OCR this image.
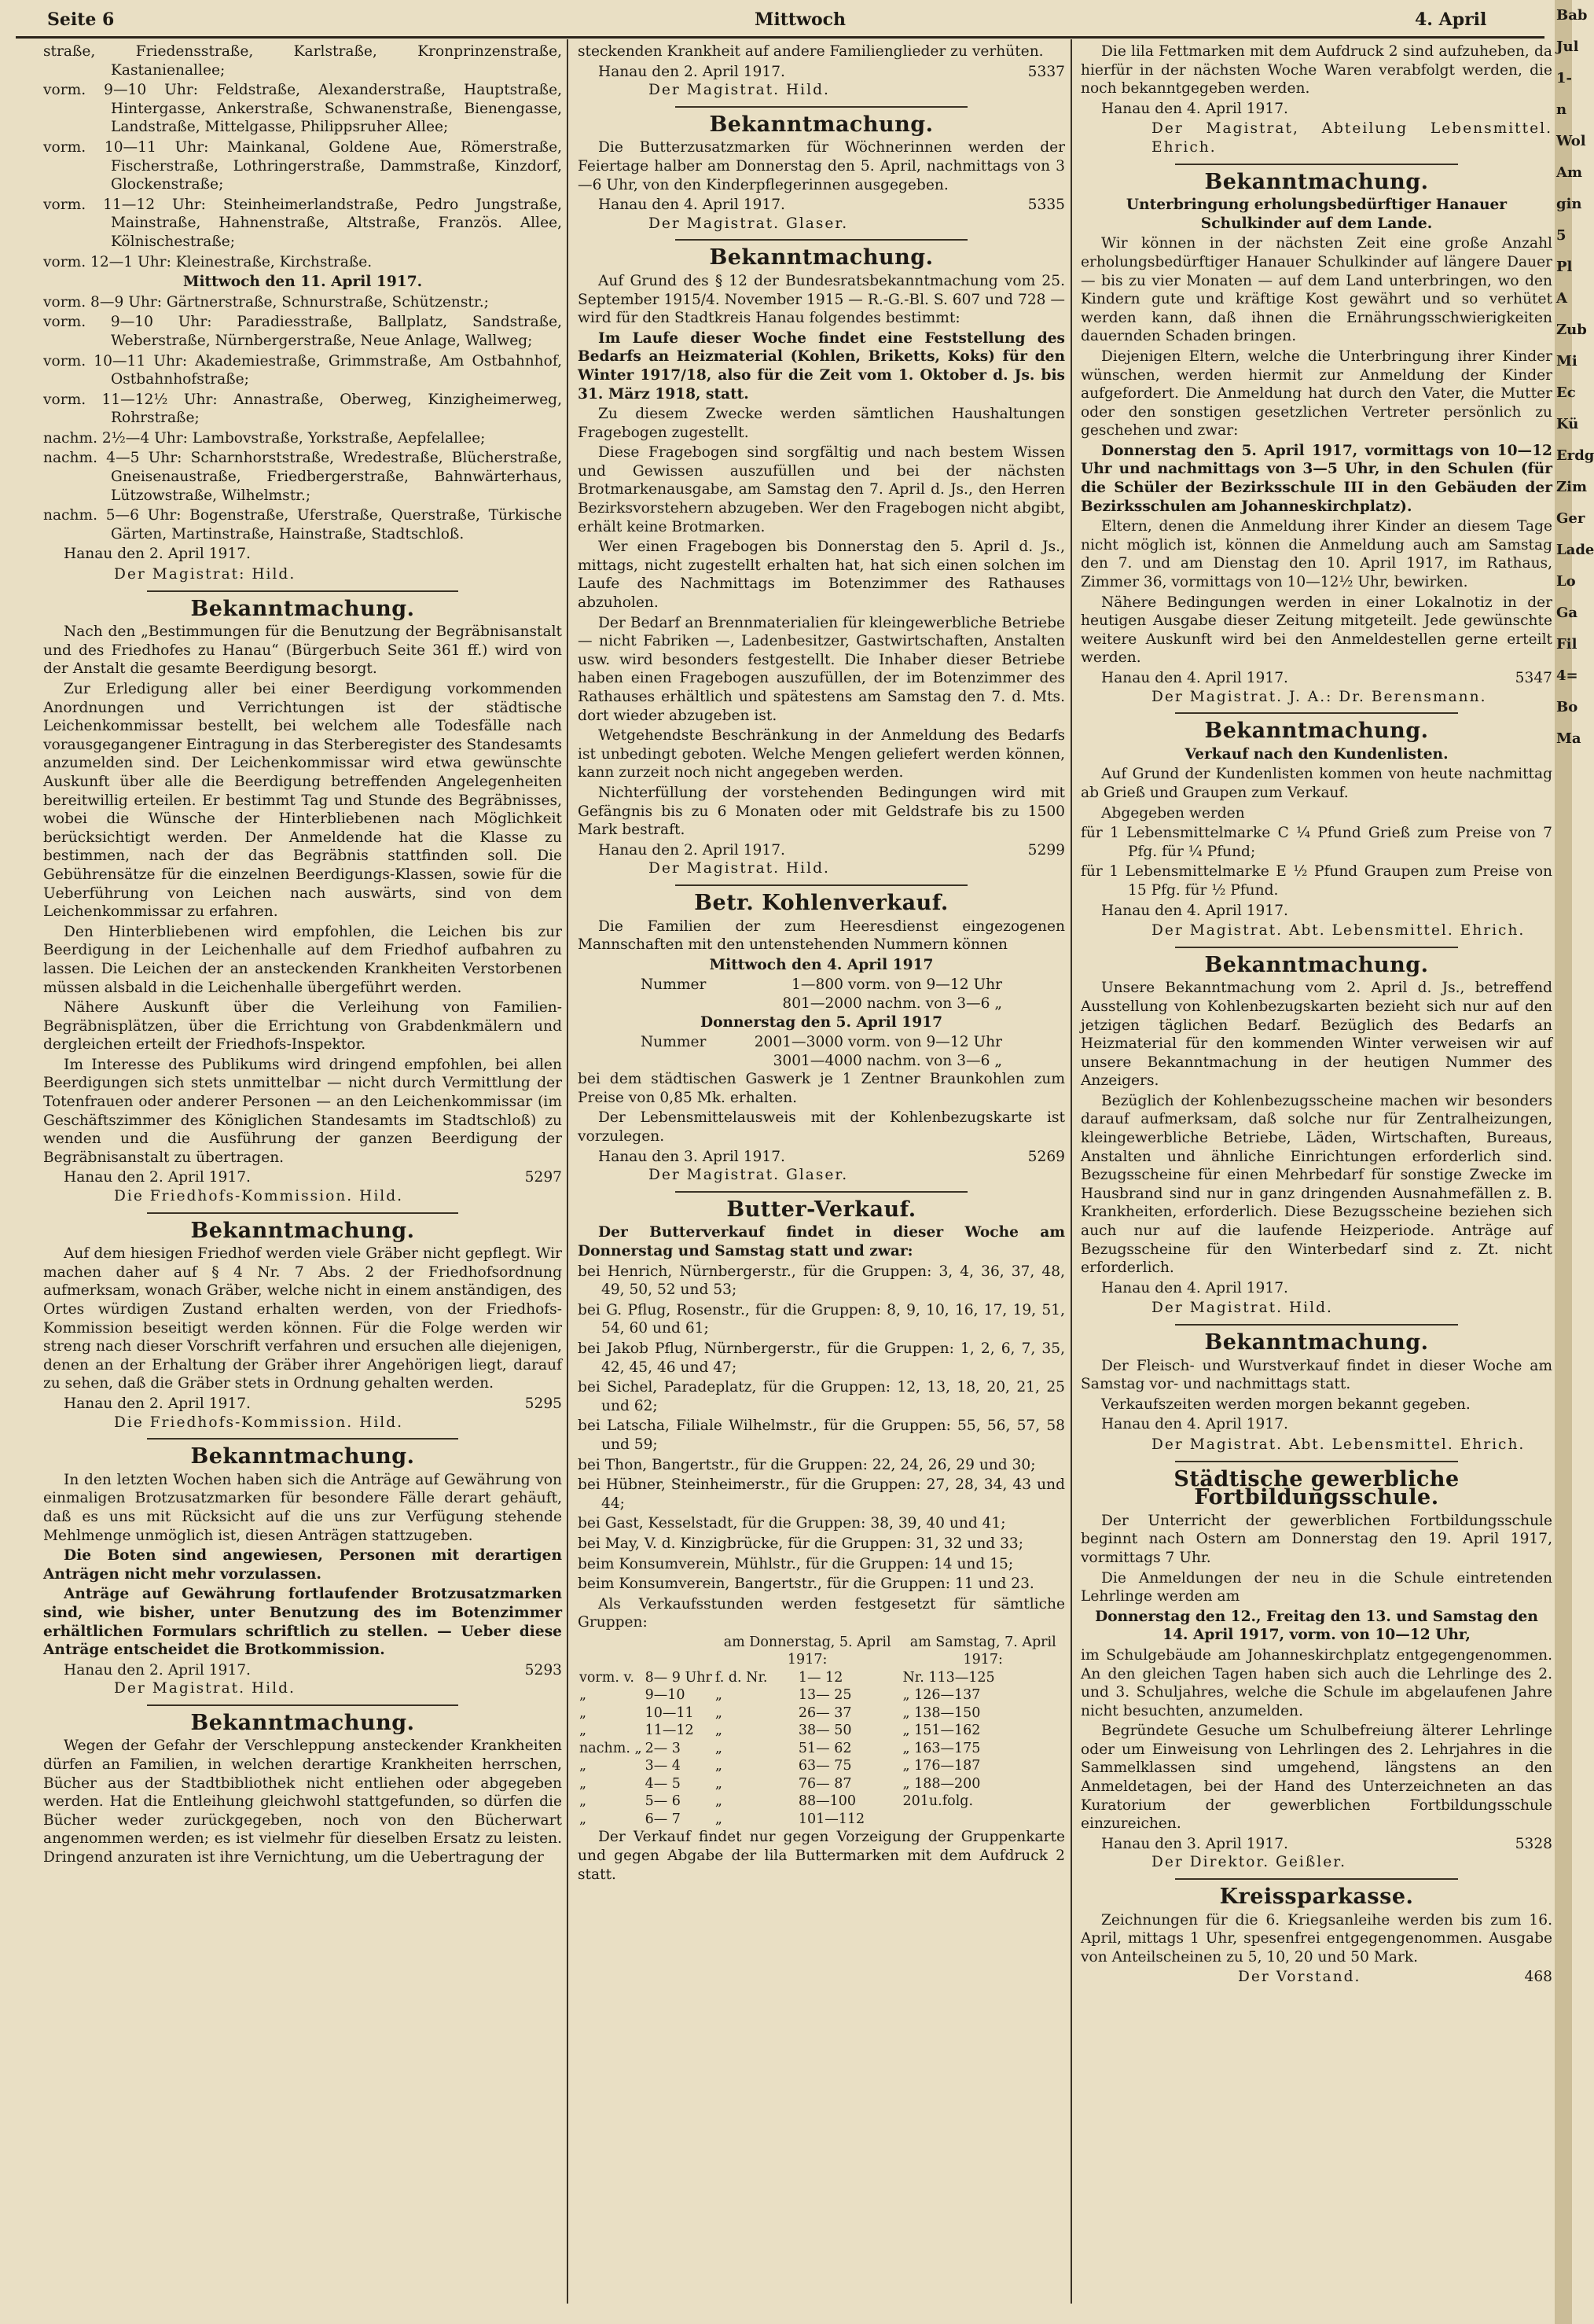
Seite 6	Mittwoch	4. April

straße, Friedensstraße, Karlstraße, Kronprinzenstraße, Kastanienallee;

vorm. 9—10 Uhr: Feldstraße, Alexanderstraße, Hauptstraße, Hintergasse, Ankerstraße, Schwanenstraße, Bienengasse, Landstraße, Mittelgasse, Philippsruher Allee;

vorm. 10—11 Uhr: Mainkanal, Goldene Aue, Römerstraße, Fischerstraße, Lothringerstraße, Dammstraße, Kinzdorf, Glockenstraße;

vorm. 11—12 Uhr: Steinheimerlandstraße, Pedro Jungstraße, Mainstraße, Hahnenstraße, Altstraße, Französ. Allee, Kölnischestraße;

vorm. 12—1 Uhr: Kleinestraße, Kirchstraße.

Mittwoch den 11. April 1917.

vorm. 8—9 Uhr: Gärtnerstraße, Schnurstraße, Schützenstr.;

vorm. 9—10 Uhr: Paradiesstraße, Ballplatz, Sandstraße, Weberstraße, Nürnbergerstraße, Neue Anlage, Wallweg;

vorm. 10—11 Uhr: Akademiestraße, Grimmstraße, Am Ostbahnhof, Ostbahnhofstraße;

vorm. 11—12½ Uhr: Annastraße, Oberweg, Kinzigheimerweg, Rohrstraße;

nachm. 2½—4 Uhr: Lambovstraße, Yorkstraße, Aepfelallee;

nachm. 4—5 Uhr: Scharnhorststraße, Wredestraße, Blücherstraße, Gneisenaustraße, Friedbergerstraße, Bahnwärterhaus, Lützowstraße, Wilhelmstr.;

nachm. 5—6 Uhr: Bogenstraße, Uferstraße, Querstraße, Türkische Gärten, Martinstraße, Hainstraße, Stadtschloß.

Hanau den 2. April 1917.

Der Magistrat: Hild.

Bekanntmachung.

Nach den „Bestimmungen für die Benutzung der Begräbnisanstalt und des Friedhofes zu Hanau“ (Bürgerbuch Seite 361 ff.) wird von der Anstalt die gesamte Beerdigung besorgt.

Zur Erledigung aller bei einer Beerdigung vorkommenden Anordnungen und Verrichtungen ist der städtische Leichenkommissar bestellt, bei welchem alle Todesfälle nach vorausgegangener Eintragung in das Sterberegister des Standesamts anzumelden sind. Der Leichenkommissar wird etwa gewünschte Auskunft über alle die Beerdigung betreffenden Angelegenheiten bereitwillig erteilen. Er bestimmt Tag und Stunde des Begräbnisses, wobei die Wünsche der Hinterbliebenen nach Möglichkeit berücksichtigt werden. Der Anmeldende hat die Klasse zu bestimmen, nach der das Begräbnis stattfinden soll. Die Gebührensätze für die einzelnen Beerdigungs-Klassen, sowie für die Ueberführung von Leichen nach auswärts, sind von dem Leichenkommissar zu erfahren.

Den Hinterbliebenen wird empfohlen, die Leichen bis zur Beerdigung in der Leichenhalle auf dem Friedhof aufbahren zu lassen. Die Leichen der an ansteckenden Krankheiten Verstorbenen müssen alsbald in die Leichenhalle übergeführt werden.

Nähere Auskunft über die Verleihung von Familien-Begräbnisplätzen, über die Errichtung von Grabdenkmälern und dergleichen erteilt der Friedhofs-Inspektor.

Im Interesse des Publikums wird dringend empfohlen, bei allen Beerdigungen sich stets unmittelbar — nicht durch Vermittlung der Totenfrauen oder anderer Personen — an den Leichenkommissar (im Geschäftszimmer des Königlichen Standesamts im Stadtschloß) zu wenden und die Ausführung der ganzen Beerdigung der Begräbnisanstalt zu übertragen.

Hanau den 2. April 1917.	5297

Die Friedhofs-Kommission. Hild.

Bekanntmachung.

Auf dem hiesigen Friedhof werden viele Gräber nicht gepflegt. Wir machen daher auf § 4 Nr. 7 Abs. 2 der Friedhofsordnung aufmerksam, wonach Gräber, welche nicht in einem anständigen, des Ortes würdigen Zustand erhalten werden, von der Friedhofs-Kommission beseitigt werden können. Für die Folge werden wir streng nach dieser Vorschrift verfahren und ersuchen alle diejenigen, denen an der Erhaltung der Gräber ihrer Angehörigen liegt, darauf zu sehen, daß die Gräber stets in Ordnung gehalten werden.

Hanau den 2. April 1917.	5295

Die Friedhofs-Kommission. Hild.

Bekanntmachung.

In den letzten Wochen haben sich die Anträge auf Gewährung von einmaligen Brotzusatzmarken für besondere Fälle derart gehäuft, daß es uns mit Rücksicht auf die uns zur Verfügung stehende Mehlmenge unmöglich ist, diesen Anträgen stattzugeben.

Die Boten sind angewiesen, Personen mit derartigen Anträgen nicht mehr vorzulassen.

Anträge auf Gewährung fortlaufender Brotzusatzmarken sind, wie bisher, unter Benutzung des im Botenzimmer erhältlichen Formulars schriftlich zu stellen. — Ueber diese Anträge entscheidet die Brotkommission.

Hanau den 2. April 1917.	5293

Der Magistrat. Hild.

Bekanntmachung.

Wegen der Gefahr der Verschleppung ansteckender Krankheiten dürfen an Familien, in welchen derartige Krankheiten herrschen, Bücher aus der Stadtbibliothek nicht entliehen oder abgegeben werden. Hat die Entleihung gleichwohl stattgefunden, so dürfen die Bücher weder zurückgegeben, noch von den Bücherwart angenommen werden; es ist vielmehr für dieselben Ersatz zu leisten. Dringend anzuraten ist ihre Vernichtung, um die Uebertragung der

steckenden Krankheit auf andere Familienglieder zu verhüten.

Hanau den 2. April 1917.	5337

Der Magistrat. Hild.

Bekanntmachung.

Die Butterzusatzmarken für Wöchnerinnen werden der Feiertage halber am Donnerstag den 5. April, nachmittags von 3—6 Uhr, von den Kinderpflegerinnen ausgegeben.

Hanau den 4. April 1917.	5335

Der Magistrat. Glaser.

Bekanntmachung.

Auf Grund des § 12 der Bundesratsbekanntmachung vom 25. September 1915/4. November 1915 — R.-G.-Bl. S. 607 und 728 — wird für den Stadtkreis Hanau folgendes bestimmt:

Im Laufe dieser Woche findet eine Feststellung des Bedarfs an Heizmaterial (Kohlen, Briketts, Koks) für den Winter 1917/18, also für die Zeit vom 1. Oktober d. Js. bis 31. März 1918, statt.

Zu diesem Zwecke werden sämtlichen Haushaltungen Fragebogen zugestellt.

Diese Fragebogen sind sorgfältig und nach bestem Wissen und Gewissen auszufüllen und bei der nächsten Brotmarkenausgabe, am Samstag den 7. April d. Js., den Herren Bezirksvorstehern abzugeben. Wer den Fragebogen nicht abgibt, erhält keine Brotmarken.

Wer einen Fragebogen bis Donnerstag den 5. April d. Js., mittags, nicht zugestellt erhalten hat, hat sich einen solchen im Laufe des Nachmittags im Botenzimmer des Rathauses abzuholen.

Der Bedarf an Brennmaterialien für kleingewerbliche Betriebe — nicht Fabriken —, Ladenbesitzer, Gastwirtschaften, Anstalten usw. wird besonders festgestellt. Die Inhaber dieser Betriebe haben einen Fragebogen auszufüllen, der im Botenzimmer des Rathauses erhältlich und spätestens am Samstag den 7. d. Mts. dort wieder abzugeben ist.

Wetgehendste Beschränkung in der Anmeldung des Bedarfs ist unbedingt geboten. Welche Mengen geliefert werden können, kann zurzeit noch nicht angegeben werden.

Nichterfüllung der vorstehenden Bedingungen wird mit Gefängnis bis zu 6 Monaten oder mit Geldstrafe bis zu 1500 Mark bestraft.

Hanau den 2. April 1917.	5299

Der Magistrat. Hild.

Betr. Kohlenverkauf.

Die Familien der zum Heeresdienst eingezogenen Mannschaften mit den untenstehenden Nummern können

Mittwoch den 4. April 1917

Nummer	1—800 vorm. von 9—12 Uhr
801—2000 nachm. von 3—6 „

Donnerstag den 5. April 1917

Nummer	2001—3000 vorm. von 9—12 Uhr
3001—4000 nachm. von 3—6 „

bei dem städtischen Gaswerk je 1 Zentner Braunkohlen zum Preise von 0,85 Mk. erhalten.

Der Lebensmittelausweis mit der Kohlenbezugskarte ist vorzulegen.

Hanau den 3. April 1917.	5269

Der Magistrat. Glaser.

Butter-Verkauf.

Der Butterverkauf findet in dieser Woche am Donnerstag und Samstag statt und zwar:

bei Henrich, Nürnbergerstr., für die Gruppen: 3, 4, 36, 37, 48, 49, 50, 52 und 53;

bei G. Pflug, Rosenstr., für die Gruppen: 8, 9, 10, 16, 17, 19, 51, 54, 60 und 61;

bei Jakob Pflug, Nürnbergerstr., für die Gruppen: 1, 2, 6, 7, 35, 42, 45, 46 und 47;

bei Sichel, Paradeplatz, für die Gruppen: 12, 13, 18, 20, 21, 25 und 62;

bei Latscha, Filiale Wilhelmstr., für die Gruppen: 55, 56, 57, 58 und 59;

bei Thon, Bangertstr., für die Gruppen: 22, 24, 26, 29 und 30;

bei Hübner, Steinheimerstr., für die Gruppen: 27, 28, 34, 43 und 44;

bei Gast, Kesselstadt, für die Gruppen: 38, 39, 40 und 41;

bei May, V. d. Kinzigbrücke, für die Gruppen: 31, 32 und 33;

beim Konsumverein, Mühlstr., für die Gruppen: 14 und 15;

beim Konsumverein, Bangertstr., für die Gruppen: 11 und 23.

Als Verkaufsstunden werden festgesetzt für sämtliche Gruppen:

		am Donnerstag, 5. April 1917:		am Samstag, 7. April 1917:
vorm. v.	8— 9 Uhr	f. d. Nr.	1— 12	Nr. 113—125
„	9—10	„	13— 25	„ 126—137
„	10—11	„	26— 37	„ 138—150
„	11—12	„	38— 50	„ 151—162
nachm. „	2— 3	„	51— 62	„ 163—175
„	3— 4	„	63— 75	„ 176—187
„	4— 5	„	76— 87	„ 188—200
„	5— 6	„	88—100	201u.folg.
„	6— 7	„	101—112	

Der Verkauf findet nur gegen Vorzeigung der Gruppenkarte und gegen Abgabe der lila Buttermarken mit dem Aufdruck 2 statt.

Die lila Fettmarken mit dem Aufdruck 2 sind aufzuheben, da hierfür in der nächsten Woche Waren verabfolgt werden, die noch bekanntgegeben werden.

Hanau den 4. April 1917.

Der Magistrat, Abteilung Lebensmittel. Ehrich.

Bekanntmachung.

Unterbringung erholungsbedürftiger Hanauer Schulkinder auf dem Lande.

Wir können in der nächsten Zeit eine große Anzahl erholungsbedürftiger Hanauer Schulkinder auf längere Dauer — bis zu vier Monaten — auf dem Land unterbringen, wo den Kindern gute und kräftige Kost gewährt und so verhütet werden kann, daß ihnen die Ernährungsschwierigkeiten dauernden Schaden bringen.

Diejenigen Eltern, welche die Unterbringung ihrer Kinder wünschen, werden hiermit zur Anmeldung der Kinder aufgefordert. Die Anmeldung hat durch den Vater, die Mutter oder den sonstigen gesetzlichen Vertreter persönlich zu geschehen und zwar:

Donnerstag den 5. April 1917, vormittags von 10—12 Uhr und nachmittags von 3—5 Uhr, in den Schulen (für die Schüler der Bezirksschule III in den Gebäuden der Bezirksschulen am Johanneskirchplatz).

Eltern, denen die Anmeldung ihrer Kinder an diesem Tage nicht möglich ist, können die Anmeldung auch am Samstag den 7. und am Dienstag den 10. April 1917, im Rathaus, Zimmer 36, vormittags von 10—12½ Uhr, bewirken.

Nähere Bedingungen werden in einer Lokalnotiz in der heutigen Ausgabe dieser Zeitung mitgeteilt. Jede gewünschte weitere Auskunft wird bei den Anmeldestellen gerne erteilt werden.

Hanau den 4. April 1917.	5347

Der Magistrat. J. A.: Dr. Berensmann.

Bekanntmachung.

Verkauf nach den Kundenlisten.

Auf Grund der Kundenlisten kommen von heute nachmittag ab Grieß und Graupen zum Verkauf.

Abgegeben werden

für 1 Lebensmittelmarke C ¼ Pfund Grieß zum Preise von 7 Pfg. für ¼ Pfund;

für 1 Lebensmittelmarke E ½ Pfund Graupen zum Preise von 15 Pfg. für ½ Pfund.

Hanau den 4. April 1917.

Der Magistrat. Abt. Lebensmittel. Ehrich.

Bekanntmachung.

Unsere Bekanntmachung vom 2. April d. Js., betreffend Ausstellung von Kohlenbezugskarten bezieht sich nur auf den jetzigen täglichen Bedarf. Bezüglich des Bedarfs an Heizmaterial für den kommenden Winter verweisen wir auf unsere Bekanntmachung in der heutigen Nummer des Anzeigers.

Bezüglich der Kohlenbezugsscheine machen wir besonders darauf aufmerksam, daß solche nur für Zentralheizungen, kleingewerbliche Betriebe, Läden, Wirtschaften, Bureaus, Anstalten und ähnliche Einrichtungen erforderlich sind. Bezugsscheine für einen Mehrbedarf für sonstige Zwecke im Hausbrand sind nur in ganz dringenden Ausnahmefällen z. B. Krankheiten, erforderlich. Diese Bezugsscheine beziehen sich auch nur auf die laufende Heizperiode. Anträge auf Bezugsscheine für den Winterbedarf sind z. Zt. nicht erforderlich.

Hanau den 4. April 1917.

Der Magistrat. Hild.

Bekanntmachung.

Der Fleisch- und Wurstverkauf findet in dieser Woche am Samstag vor- und nachmittags statt.

Verkaufszeiten werden morgen bekannt gegeben.

Hanau den 4. April 1917.

Der Magistrat. Abt. Lebensmittel. Ehrich.

Städtische gewerbliche Fortbildungsschule.

Der Unterricht der gewerblichen Fortbildungsschule beginnt nach Ostern am Donnerstag den 19. April 1917, vormittags 7 Uhr.

Die Anmeldungen der neu in die Schule eintretenden Lehrlinge werden am

Donnerstag den 12., Freitag den 13. und Samstag den 14. April 1917, vorm. von 10—12 Uhr,

im Schulgebäude am Johanneskirchplatz entgegengenommen. An den gleichen Tagen haben sich auch die Lehrlinge des 2. und 3. Schuljahres, welche die Schule im abgelaufenen Jahre nicht besuchten, anzumelden.

Begründete Gesuche um Schulbefreiung älterer Lehrlinge oder um Einweisung von Lehrlingen des 2. Lehrjahres in die Sammelklassen sind umgehend, längstens an den Anmeldetagen, bei der Hand des Unterzeichneten an das Kuratorium der gewerblichen Fortbildungsschule einzureichen.

Hanau den 3. April 1917.	5328

Der Direktor. Geißler.

Kreissparkasse.

Zeichnungen für die 6. Kriegsanleihe werden bis zum 16. April, mittags 1 Uhr, spesenfrei entgegengenommen. Ausgabe von Anteilscheinen zu 5, 10, 20 und 50 Mark.

Der Vorstand.	468
Bab
Jul
1-n
Wol
Am
gin
5
Pl
A
Zub
Mi
Ec
Kü
Erdg
Zim
Ger
Lade
Lo
Ga
Fil
4=
Bo
Ma
